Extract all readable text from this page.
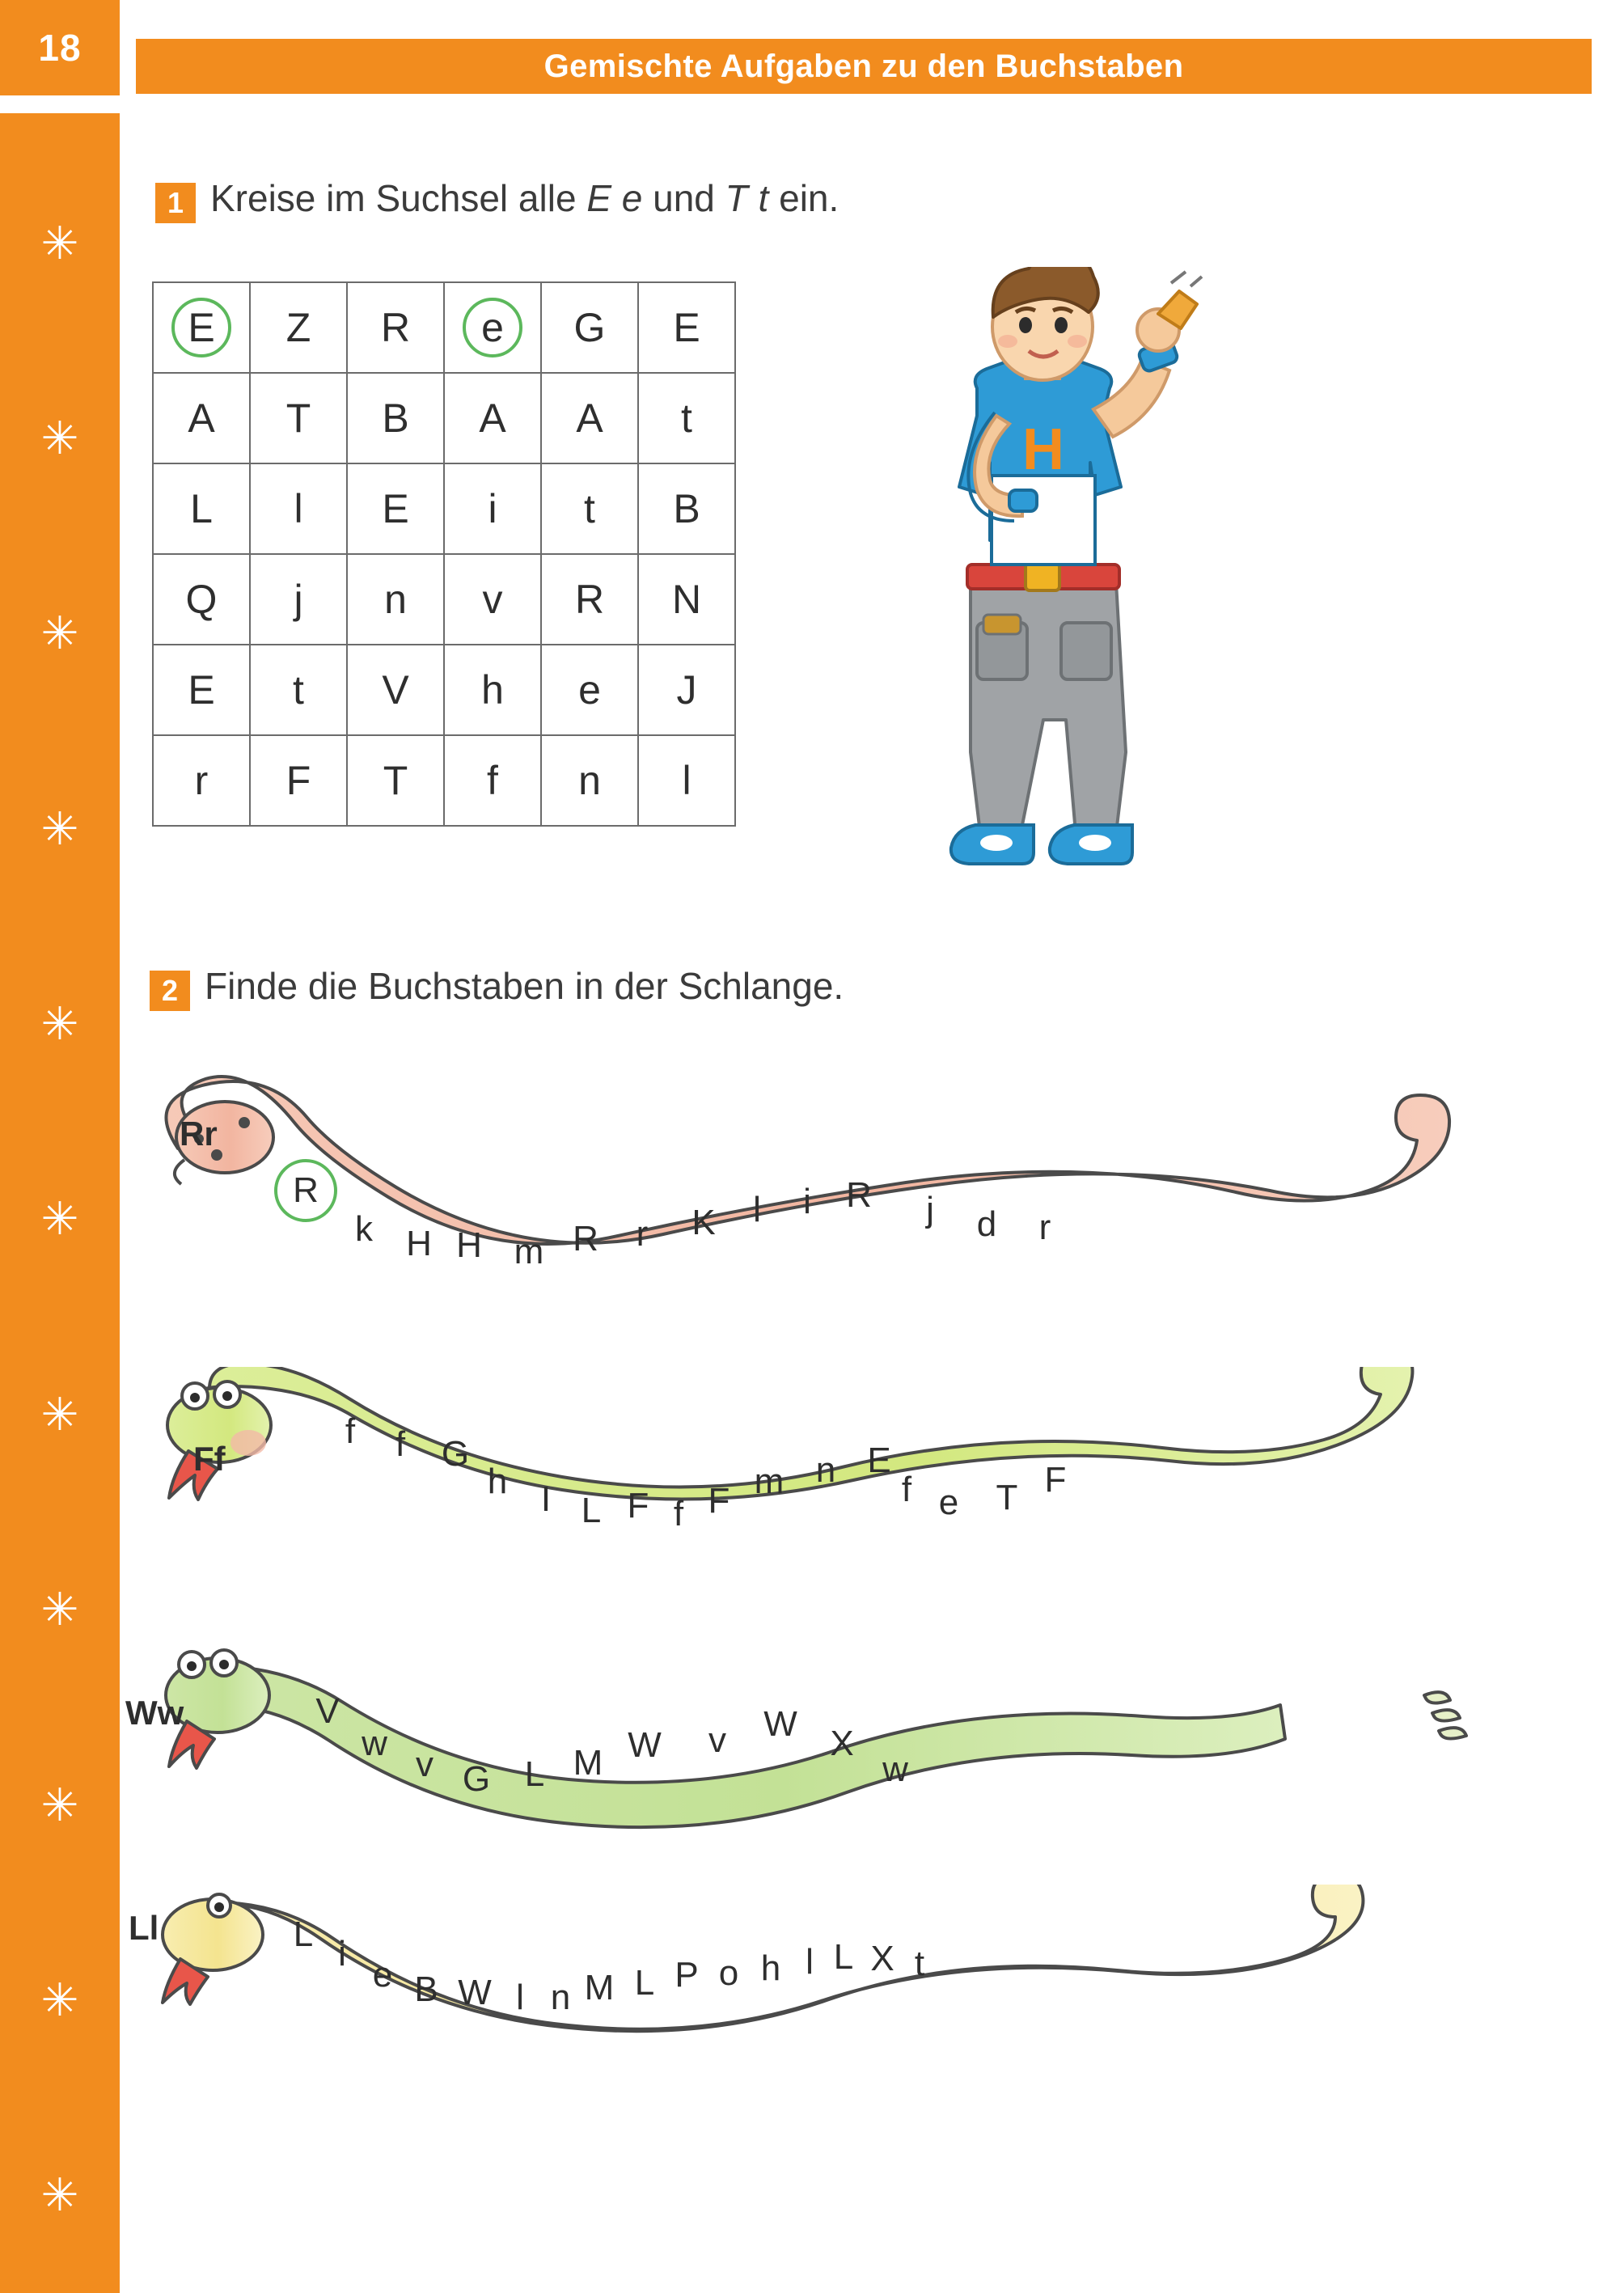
18	Gemischte Aufgaben zu den Buchstaben
✳
✳
✳
✳
✳
✳
✳
✳
✳
✳
✳
1 Kreise im Suchsel alle E e und T t ein.
E	Z	R	e	G	E
A	T	B	A	A	t
L	l	E	i	t	B
Q	j	n	v	R	N
E	t	V	h	e	J
r	F	T	f	n	l
H
2 Finde die Buchstaben in der Schlange.
Rr
R
k H H m R r K l i R j d r
Ff
f f G
h I L F f F m n E
f e T F
Ww	V
w
v G L M W v W X
w
Ll	L i
e B W l n M L P o h l L X t
